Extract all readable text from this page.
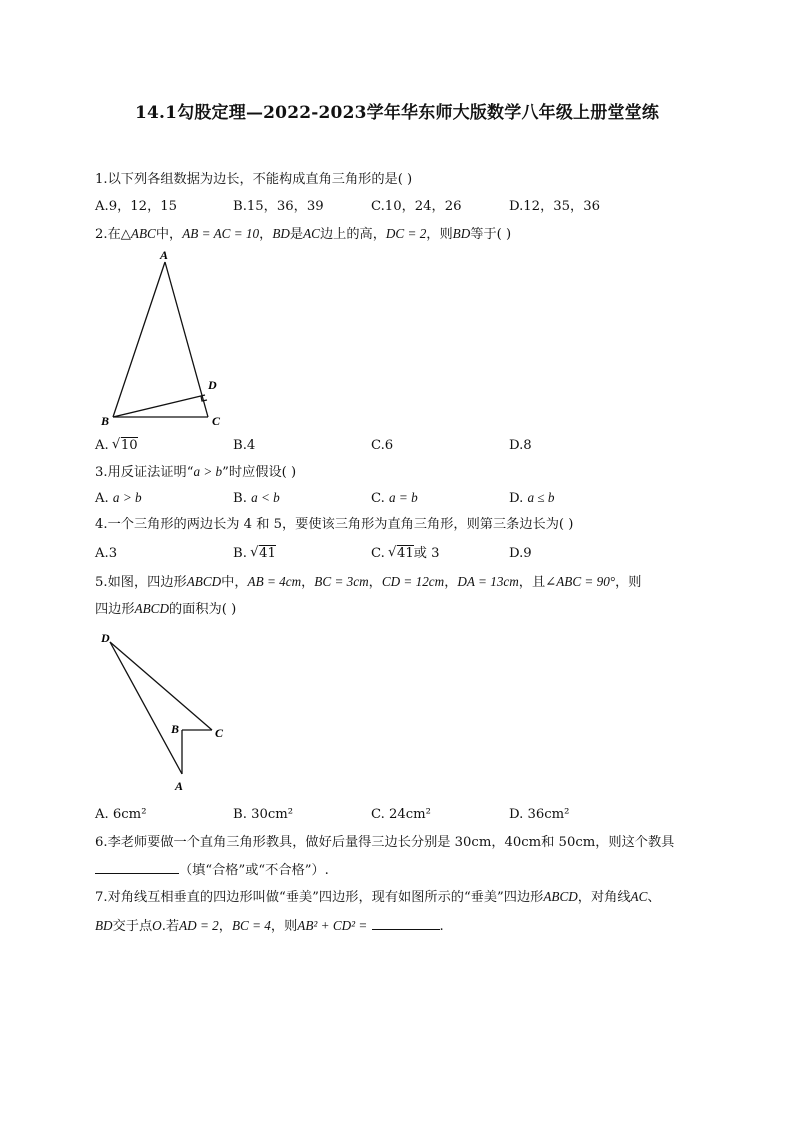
14.1勾股定理—2022-2023学年华东师大版数学八年级上册堂堂练
1.以下列各组数据为边长，不能构成直角三角形的是( )
A.9，12，15	B.15，36，39	C.10，24，26	D.12，35，36
2.在△ABC中，AB = AC = 10，BD是AC边上的高，DC = 2，则BD等于( )
A
B	C
D
A. √ 10	B.4	C.6	D.8
3.用反证法证明“a > b”时应假设( )
A. a > b	B. a < b	C. a = b	D. a ≤ b
4.一个三角形的两边长为 4 和 5，要使该三角形为直角三角形，则第三条边长为( )
A.3	B. √ 41	C. √ 41或 3	D.9
5.如图，四边形ABCD中，AB = 4cm，BC = 3cm，CD = 12cm，DA = 13cm，且∠ABC = 90°，则
四边形ABCD的面积为( )
D
B	C
A
A. 6cm²	B. 30cm²	C. 24cm²	D. 36cm²
6.李老师要做一个直角三角形教具，做好后量得三边长分别是 30cm，40cm和 50cm，则这个教具
（填“合格”或“不合格”）.
7.对角线互相垂直的四边形叫做“垂美”四边形，现有如图所示的“垂美”四边形ABCD，对角线AC、
BD交于点O.若AD = 2，BC = 4，则AB² + CD² =	.
